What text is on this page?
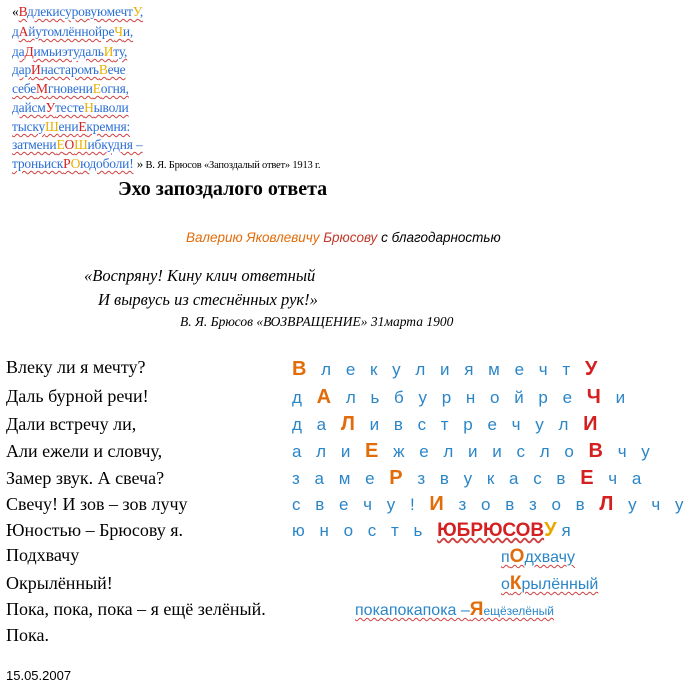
«ВдлекисуровуюмечтУ,
дАйутомлённойреЧи,
даДимьиэтудальИту,
дарИнастаромъВече
себеМгновениЕогня,
дайсмУтестеНыволи
тыскуШениЕкремня:
затмениЕОШибкудня –
троньискРОюдоболи! » В. Я. Брюсов «Запоздалый ответ» 1913 г.
Эхо запоздалого ответа
Валерию Яковлевичу Брюсову с благодарностью
«Воспряну! Кину клич ответный
И вырвусь из стеснённых рук!»
В. Я. Брюсов «ВОЗВРАЩЕНИЕ» 31марта 1900
Влеку ли я мечту?
Даль бурной речи!
Дали встречу ли,
Али ежели и словчу,
Замер звук. А свеча?
Свечу! И зов – зов лучу
Юностью – Брюсову я.
Подхвачу
Окрылённый!
Пока, пока, пока – я ещё зелёный.
Пока.
В л е к у л и я м е ч т У
д А л ь б у р н о й р е Ч и
д а Л и в с т р е ч у л И
а л и Е ж е л и и с л о В ч у
з а м е Р з в у к а с в Е ч а
с в е ч у ! И з о в з о в Л у ч у
ю н о с т ь ЮБРЮСОВУя
пОдхвачу
оКрылённый
покапокапока –Яещёзелёный
15.05.2007
